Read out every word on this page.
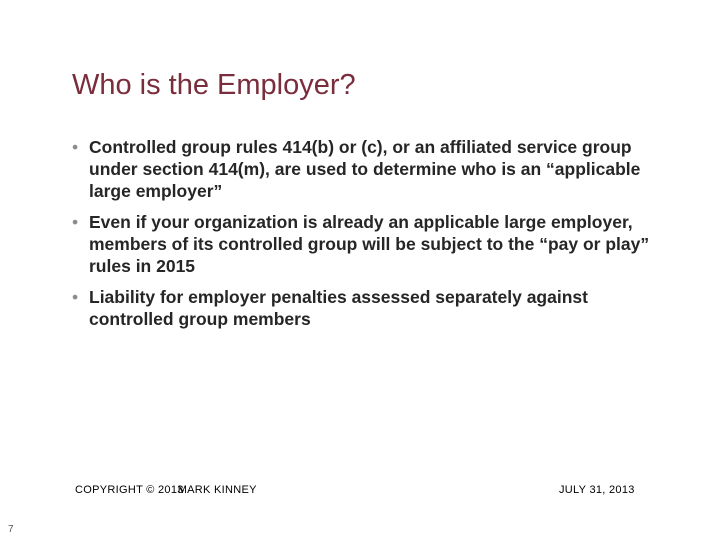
Who is the Employer?
• Controlled group rules 414(b) or (c), or an affiliated service group under section 414(m), are used to determine who is an “applicable large employer”
• Even if your organization is already an applicable large employer, members of its controlled group will be subject to the “pay or play” rules in 2015
• Liability for employer penalties assessed separately against controlled group members
COPYRIGHT © 2013MARK KINNEY	JULY 31, 2013
7
